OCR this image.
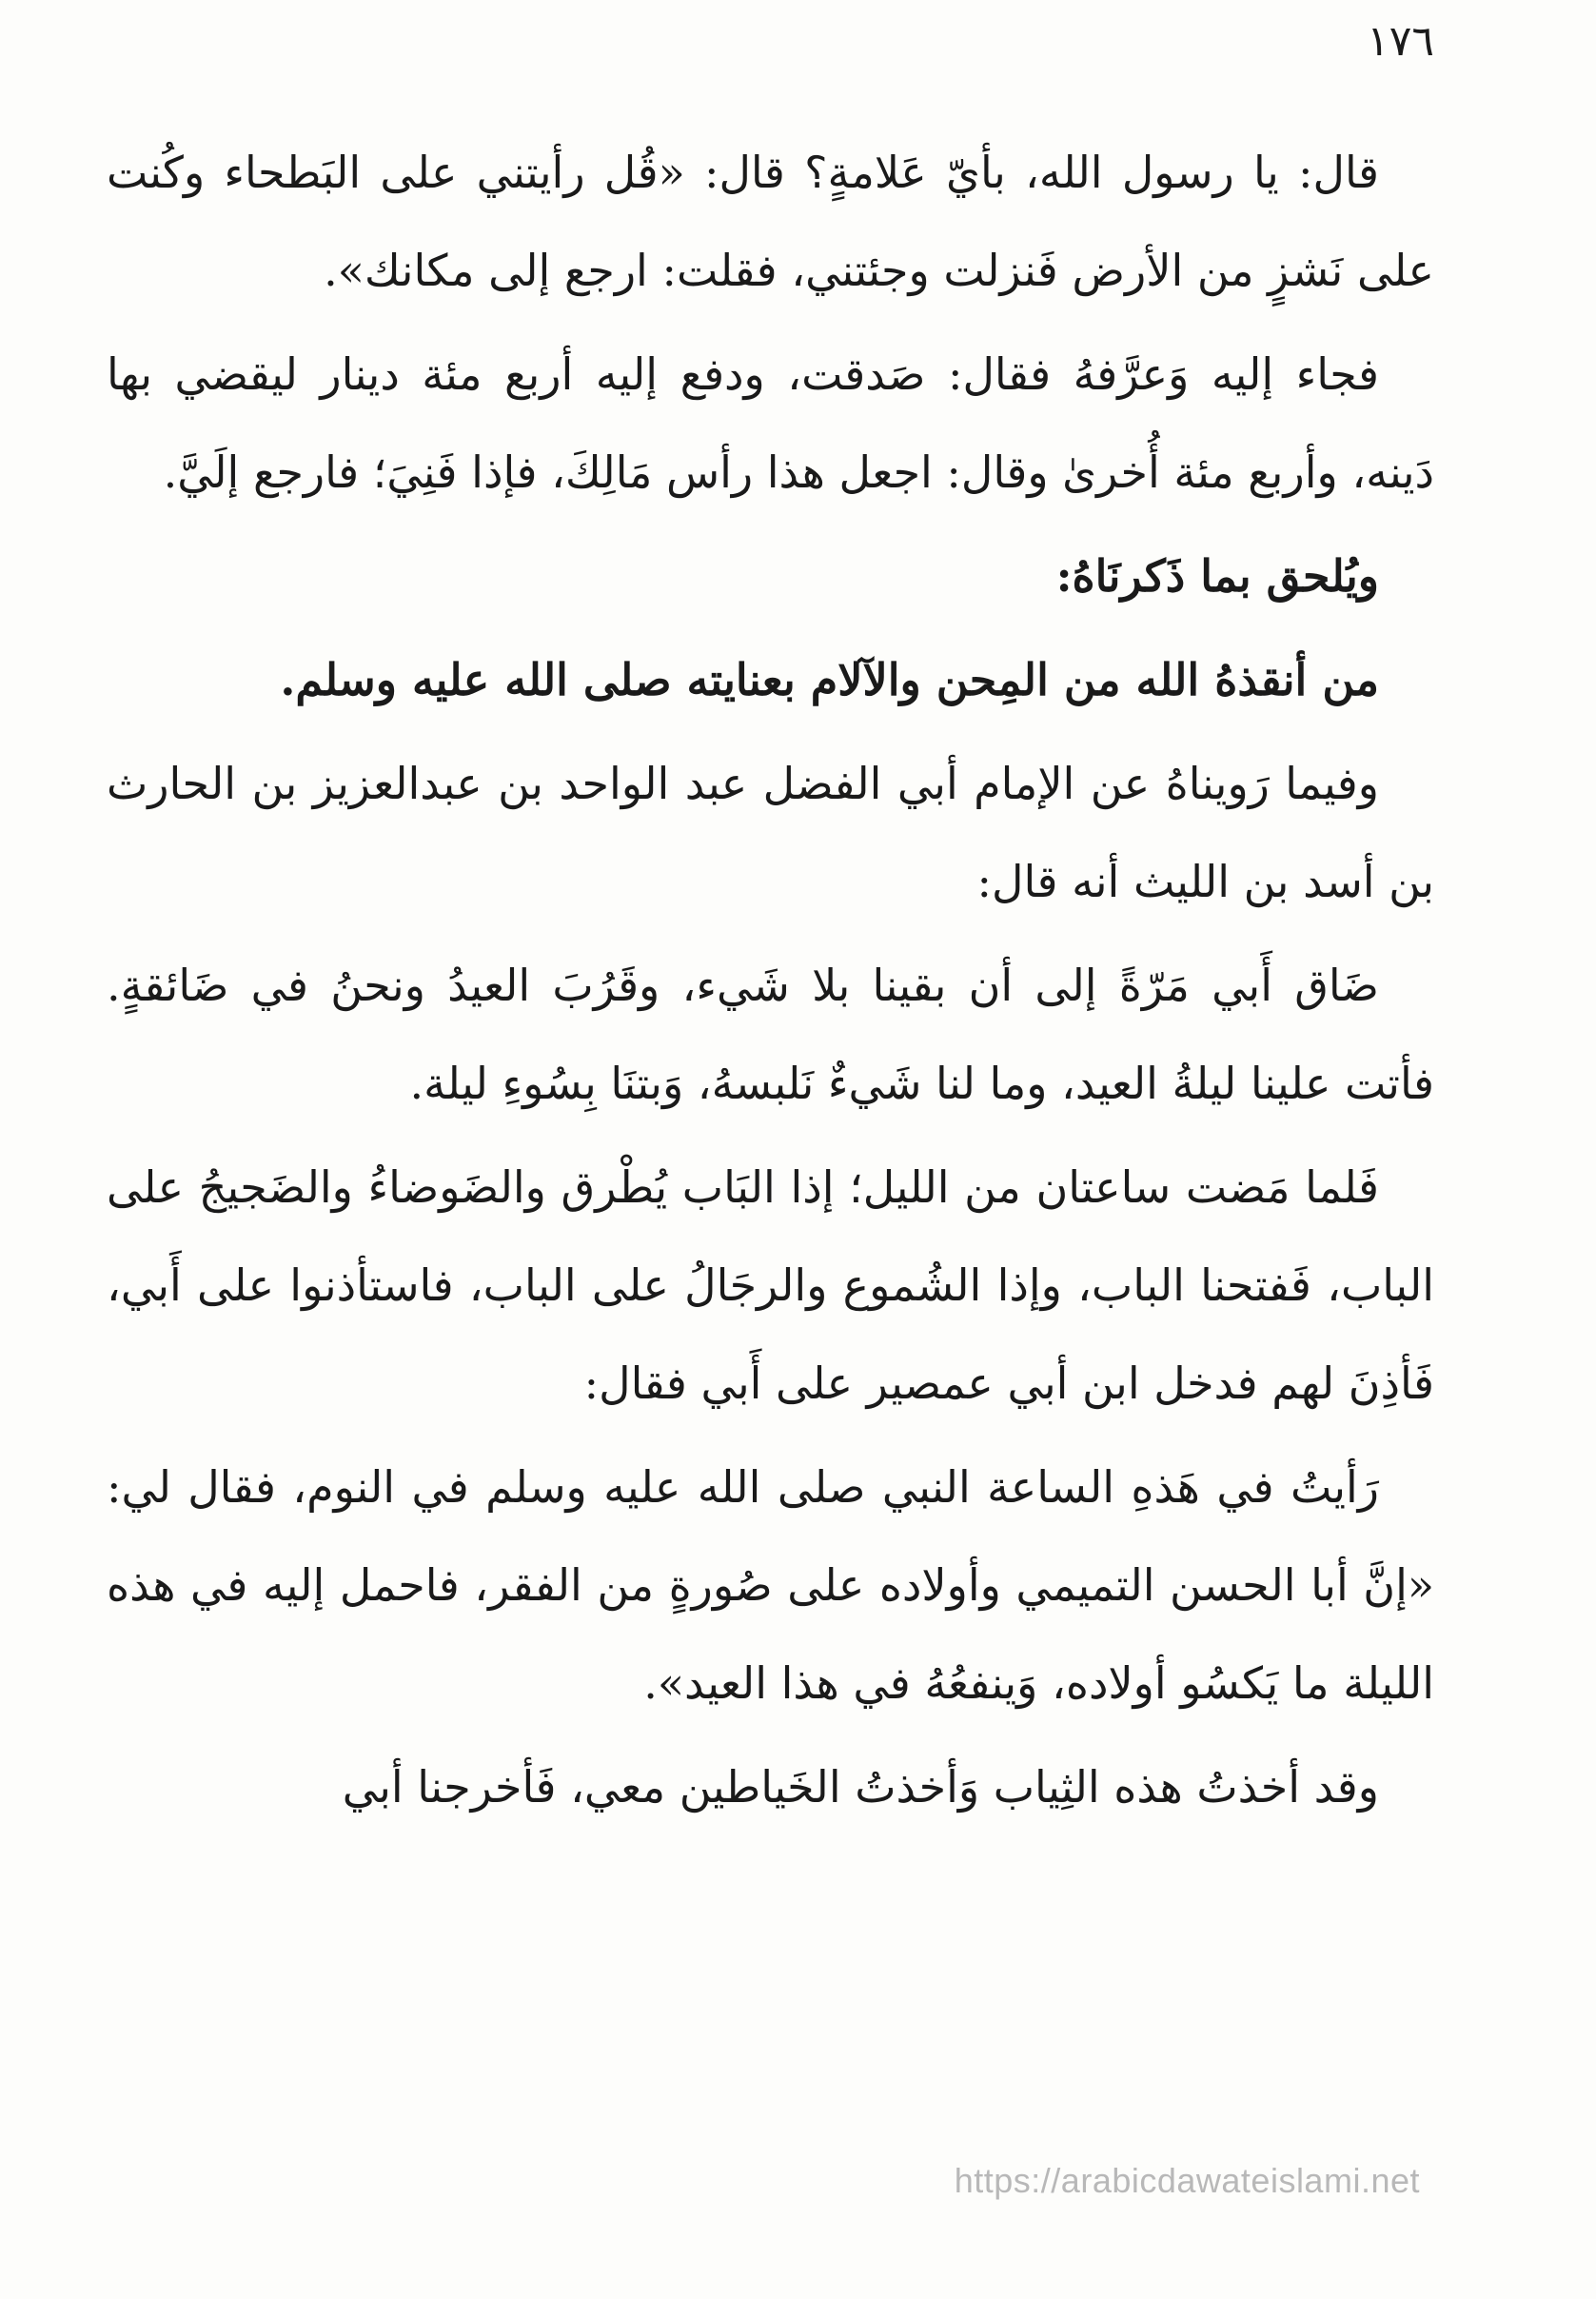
١٧٦

قال: يا رسول الله، بأيّ عَلامةٍ؟ قال: «قُل رأيتني على البَطحاء وكُنت على نَشزٍ من الأرض فَنزلت وجئتني، فقلت: ارجع إلى مكانك».

فجاء إليه وَعرَّفهُ فقال: صَدقت، ودفع إليه أربع مئة دينار ليقضي بها دَينه، وأربع مئة أُخرىٰ وقال: اجعل هذا رأس مَالِكَ، فإذا فَنِيَ؛ فارجع إلَيَّ.

ويُلحق بما ذَكرنَاهُ:

من أنقذهُ الله من المِحن والآلام بعنايته صلى الله عليه وسلم.

وفيما رَويناهُ عن الإمام أبي الفضل عبد الواحد بن عبدالعزيز بن الحارث بن أسد بن الليث أنه قال:

ضَاق أَبي مَرّةً إلى أن بقينا بلا شَيء، وقَرُبَ العيدُ ونحنُ في ضَائقةٍ. فأتت علينا ليلةُ العيد، وما لنا شَيءٌ نَلبسهُ، وَبتنَا بِسُوءِ ليلة.

فَلما مَضت ساعتان من الليل؛ إذا البَاب يُطْرق والضَوضاءُ والضَجيجُ على الباب، فَفتحنا الباب، وإذا الشُموع والرجَالُ على الباب، فاستأذنوا على أَبي، فَأذِنَ لهم فدخل ابن أبي عمصير على أَبي فقال:

رَأيتُ في هَذهِ الساعة النبي صلى الله عليه وسلم في النوم، فقال لي: «إنَّ أبا الحسن التميمي وأولاده على صُورةٍ من الفقر، فاحمل إليه في هذه الليلة ما يَكسُو أولاده، وَينفعُهُ في هذا العيد».

وقد أخذتُ هذه الثِياب وَأخذتُ الخَياطين معي، فَأخرجنا أبي

https://arabicdawateislami.net
